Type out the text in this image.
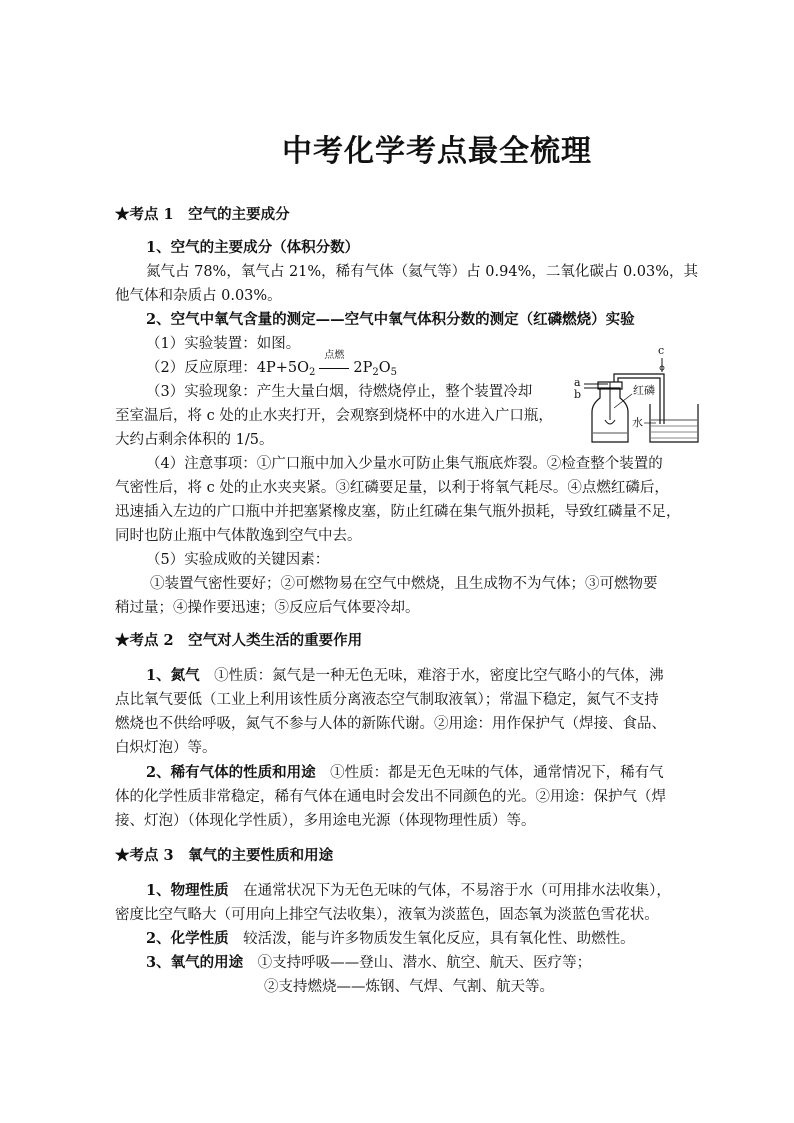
中考化学考点最全梳理
★考点 1　空气的主要成分
1、空气的主要成分（体积分数）
氮气占 78%，氧气占 21%，稀有气体（氦气等）占 0.94%，二氧化碳占 0.03%，其
他气体和杂质占 0.03%。
2、空气中氧气含量的测定——空气中氧气体积分数的测定（红磷燃烧）实验
（1）实验装置：如图。
（2）反应原理：$4P+5O_2$
点燃
$2P_2O_5$
（3）实验现象：产生大量白烟，待燃烧停止，整个装置冷却
至室温后，将 c 处的止水夹打开，会观察到烧杯中的水进入广口瓶，
大约占剩余体积的 1/5。
（4）注意事项：①广口瓶中加入少量水可防止集气瓶底炸裂。②检查整个装置的
气密性后，将 c 处的止水夹夹紧。③红磷要足量，以利于将氧气耗尽。④点燃红磷后，
迅速插入左边的广口瓶中并把塞紧橡皮塞，防止红磷在集气瓶外损耗，导致红磷量不足，
同时也防止瓶中气体散逸到空气中去。
（5）实验成败的关键因素：
①装置气密性要好；②可燃物易在空气中燃烧，且生成物不为气体；③可燃物要
稍过量；④操作要迅速；⑤反应后气体要冷却。
红磷
a
b
c
水
★考点 2　空气对人类生活的重要作用
1、氮气　①性质：氮气是一种无色无味，难溶于水，密度比空气略小的气体，沸
点比氧气要低（工业上利用该性质分离液态空气制取液氧）；常温下稳定，氮气不支持
燃烧也不供给呼吸，氮气不参与人体的新陈代谢。②用途：用作保护气（焊接、食品、
白炽灯泡）等。
2、稀有气体的性质和用途　①性质：都是无色无味的气体，通常情况下，稀有气
体的化学性质非常稳定，稀有气体在通电时会发出不同颜色的光。②用途：保护气（焊
接、灯泡）（体现化学性质），多用途电光源（体现物理性质）等。
★考点 3　氧气的主要性质和用途
1、物理性质　在通常状况下为无色无味的气体，不易溶于水（可用排水法收集），
密度比空气略大（可用向上排空气法收集），液氧为淡蓝色，固态氧为淡蓝色雪花状。
2、化学性质　较活泼，能与许多物质发生氧化反应，具有氧化性、助燃性。
3、氧气的用途　①支持呼吸——登山、潜水、航空、航天、医疗等；
②支持燃烧——炼钢、气焊、气割、航天等。
